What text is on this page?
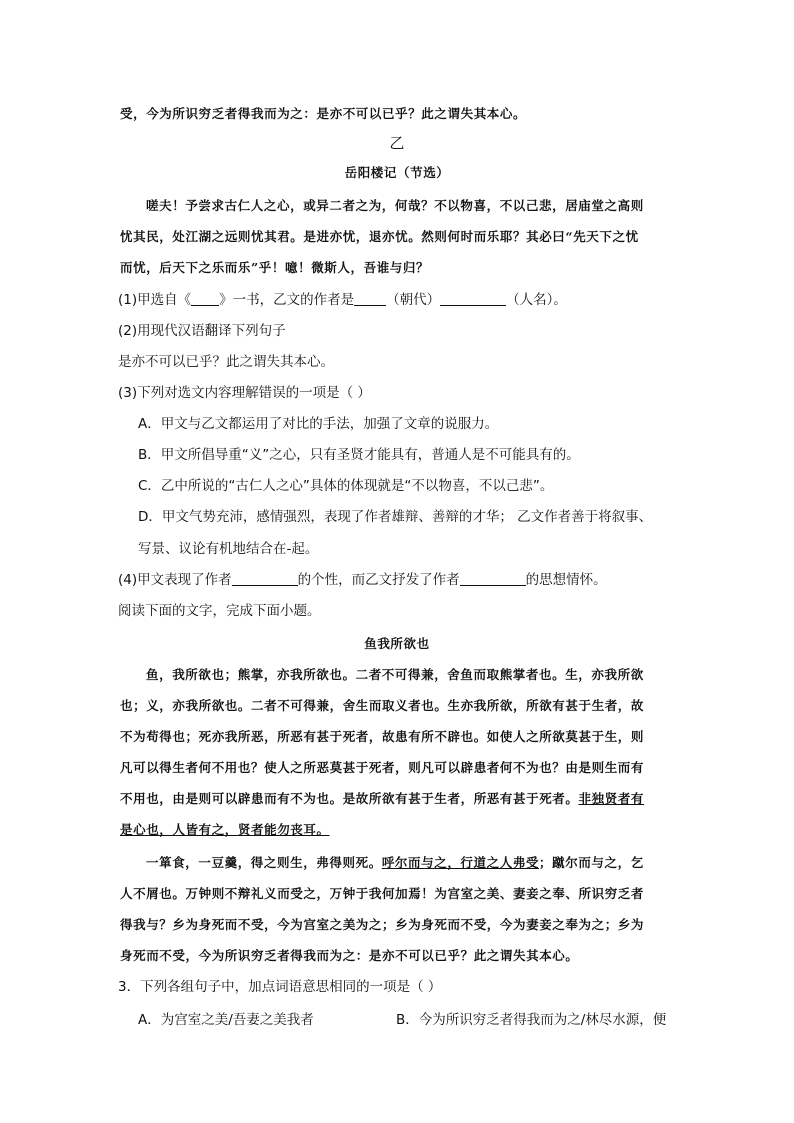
受，今为所识穷乏者得我而为之：是亦不可以已乎？此之谓失其本心。
乙
岳阳楼记（节选）
嗟夫！予尝求古仁人之心，或异二者之为，何哉？不以物喜，不以己悲，居庙堂之高则
忧其民，处江湖之远则忧其君。是进亦忧，退亦忧。然则何时而乐耶？其必曰“先天下之忧
而忧，后天下之乐而乐”乎！噫！微斯人，吾谁与归？
(1)甲选自《 》一书，乙文的作者是 （朝代）	（人名）。
(2)用现代汉语翻译下列句子
是亦不可以已乎？此之谓失其本心。
(3)下列对选文内容理解错误的一项是（ ）
A．甲文与乙文都运用了对比的手法，加强了文章的说服力。
B．甲文所倡导重“义”之心，只有圣贤才能具有，普通人是不可能具有的。
C．乙中所说的“古仁人之心”具体的体现就是“不以物喜，不以己悲”。
D．甲文气势充沛，感情强烈，表现了作者雄辩、善辩的才华； 乙文作者善于将叙事、
写景、议论有机地结合在-起。
(4)甲文表现了作者	的个性，而乙文抒发了作者	的思想情怀。
阅读下面的文字，完成下面小题。
鱼我所欲也
鱼，我所欲也；熊掌，亦我所欲也。二者不可得兼，舍鱼而取熊掌者也。生，亦我所欲
也；义，亦我所欲也。二者不可得兼，舍生而取义者也。生亦我所欲，所欲有甚于生者，故
不为苟得也；死亦我所恶，所恶有甚于死者，故患有所不辟也。如使人之所欲莫甚于生，则
凡可以得生者何不用也？使人之所恶莫甚于死者，则凡可以辟患者何不为也？由是则生而有
不用也，由是则可以辟患而有不为也。是故所欲有甚于生者，所恶有甚于死者。非独贤者有
是心也，人皆有之，贤者能勿丧耳。
一箪食，一豆羹，得之则生，弗得则死。呼尔而与之，行道之人弗受；蹴尔而与之，乞
人不屑也。万钟则不辩礼义而受之，万钟于我何加焉！为宫室之美、妻妾之奉、所识穷乏者
得我与？乡为身死而不受，今为宫室之美为之；乡为身死而不受，今为妻妾之奉为之；乡为
身死而不受，今为所识穷乏者得我而为之：是亦不可以已乎？此之谓失其本心。
3．下列各组句子中，加点词语意思相同的一项是（ ）
A．为宫室之美/吾妻之美我者	B．今为所识穷乏者得我而为之/林尽水源，便
